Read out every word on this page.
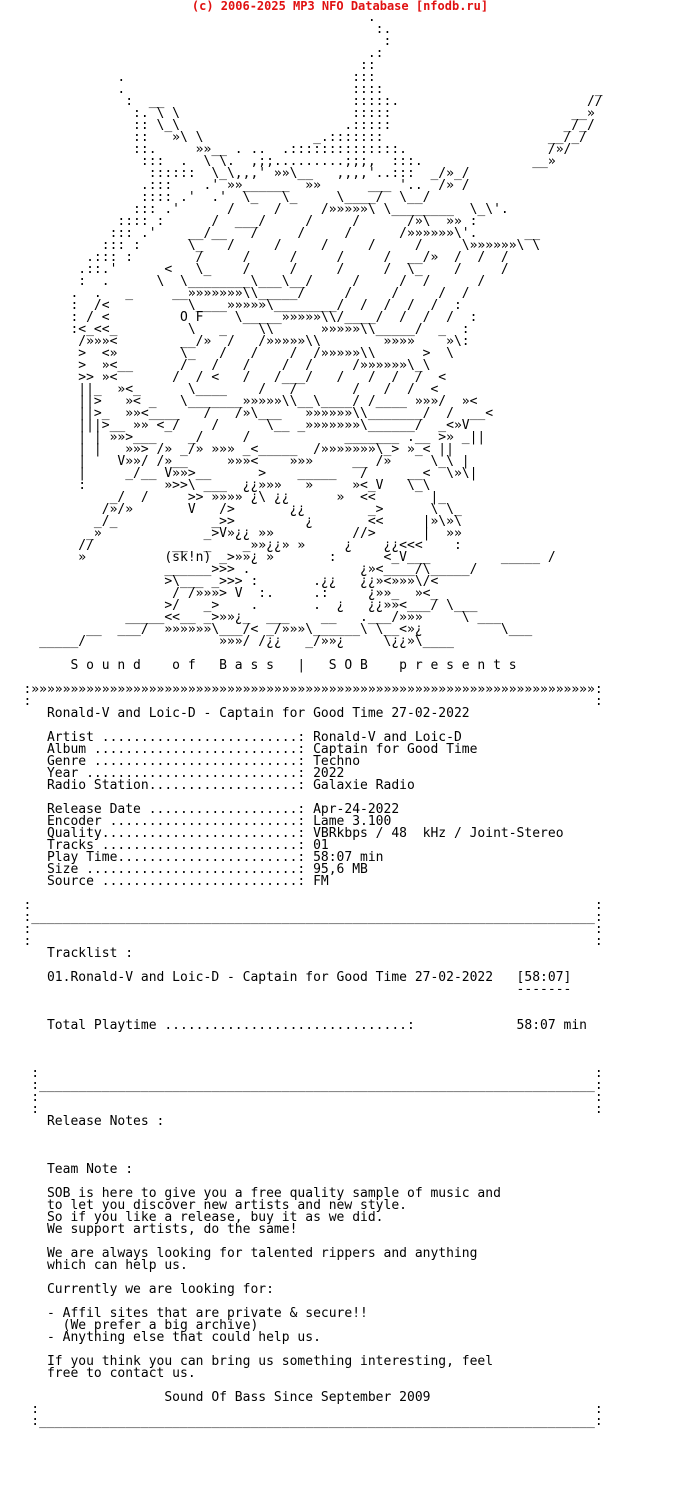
(c) 2006-2025 MP3 NFO Database [nfodb.ru]
.
:.
:
.:
::
.                             :::
.                             ::::                           _
:  __                        :::::.                        //
:. \ \                      :::::                       __»
:: \_\                     .:::::                      _/_/
::   »\ \              _.:::::::                     __/_/
::.     »»__ . ..  .::::::::::::::.                  /»/
:::  .  \ \.  ,;;.........;;;,  :::.              __»
::::::  \_\,,,' »»\__   ,,,,'..:::  _/»_/
.:::    .' »»______  »»      ___ '..  /» /
:::: .'  .'  \_   \_     \____/  \__/
::: .'      /     /     /»»»»»\ \________  \_\'.
:::: :      /  ___/     /     /      /»\  »» :
::: .'    __/__   /     /     /      /»»»»»»\'.      __
::: :      \_   /     /     /     /     /     \»»»»»»\ \
.::: :        /     /     /     /     /  __/»  /  /  /
.::.'      <   \_    /     /     /     /  \_    /     /
:  .      \  \________\___\__/     /     /  /      /
.  .   _     __»»»»»»»\\_____/     /     /     /  /
:  /<          \____»»»»»\________/  /  /  /  /  :
: / <         O F    \_____»»»»»\\/____/  /  /  /  :
:<_<<_         \   _    \\      »»»»»\\_____/  _  :
/»»»<        __/»  /   /»»»»»\\        »»»»    »\:
>  <»        \_   /   /    /  /»»»»»\\      >  \
>  »<__      /   /   /    /  /     /»»»»»»\_\
>> »<       /  / <   /   /___/   /   /  /  /  <
||_  »<_      \____    /   /       /   /  /  <
||>   »< _   \_______»»»»»\\__\____/ /____ »»»/  »<
||>_  »»<____   /   /»\___   »»»»»»\\_______/  /  __<
|||>__ »» <_/    /      \__ _»»»»»»»\______/  _<»V
| | »»>___    _/     /            _______ .__ >» _||
| |   »»> /» _/» »»» _<_____  /»»»»»»»\_> »_< ||
|    V»»/ /»__     »»»<    »»»     __ /»     \_\ |
|     _/__ V»»>__      >    _____   /     __<  \»\|
:          »>>\ ___  ¿¿»»»   »     »<_V   \_\
_/  /     >> »»»» ¿\ ¿¿      »  <<       |_
/»/»       V   />       ¿¿        _>      \ \_
_/_            _>>         ¿       <<     |»\»\
_»             _>V»¿¿ »»          //>      |  »»
//          __  _    _»»¿¿» »     ¿    ¿¿<<<    :
»          (sk!n) _>»»¿ »       :      <_V___         _____ /
______>>> .              ¿»<____/\_____/
>\___ _>>> :       .¿¿   ¿¿»<»»»\/<
/ /»»»> V  :.     .:     ¿»»_  »<_
>/   _>    .       .  ¿   ¿¿»»<___/ \___
_____<<__ _>»»¿_  ___    __   .___/»»»     \ ___
__  ___/  »»»»»»\___/< _/»»»\______\ \__<»¿          \___
_____/                 »»»/ /¿¿   _/»»¿     \¿¿»\____

S o u n d    o f   B a s s   |   S O B    p r e s e n t s

:»»»»»»»»»»»»»»»»»»»»»»»»»»»»»»»»»»»»»»»»»»»»»»»»»»»»»»»»»»»»»»»»»»»»»»»»:
:                                                                        :
Ronald-V and Loic-D - Captain for Good Time 27-02-2022

Artist .........................: Ronald-V and Loic-D
Album ..........................: Captain for Good Time
Genre ..........................: Techno
Year ...........................: 2022
Radio Station...................: Galaxie Radio

Release Date ...................: Apr-24-2022
Encoder ........................: Lame 3.100
Quality.........................: VBRkbps / 48  kHz / Joint-Stereo
Tracks .........................: 01
Play Time.......................: 58:07 min
Size ...........................: 95,6 MB
Source .........................: FM

:                                                                        :
:________________________________________________________________________:
:                                                                        :
:                                                                        :
Tracklist :

01.Ronald-V and Loic-D - Captain for Good Time 27-02-2022   [58:07]
-------

Total Playtime ...............................:             58:07 min

:                                                                       :
:_______________________________________________________________________:
:                                                                       :
:                                                                       :
Release Notes :

Team Note :

SOB is here to give you a free quality sample of music and
to let you discover new artists and new style.
So if you like a release, buy it as we did.
We support artists, do the same!

We are always looking for talented rippers and anything
which can help us.

Currently we are looking for:

- Affil sites that are private & secure!!
(We prefer a big archive)
- Anything else that could help us.

If you think you can bring us something interesting, feel
free to contact us.

Sound Of Bass Since September 2009
:                                                                       :
:_______________________________________________________________________:
